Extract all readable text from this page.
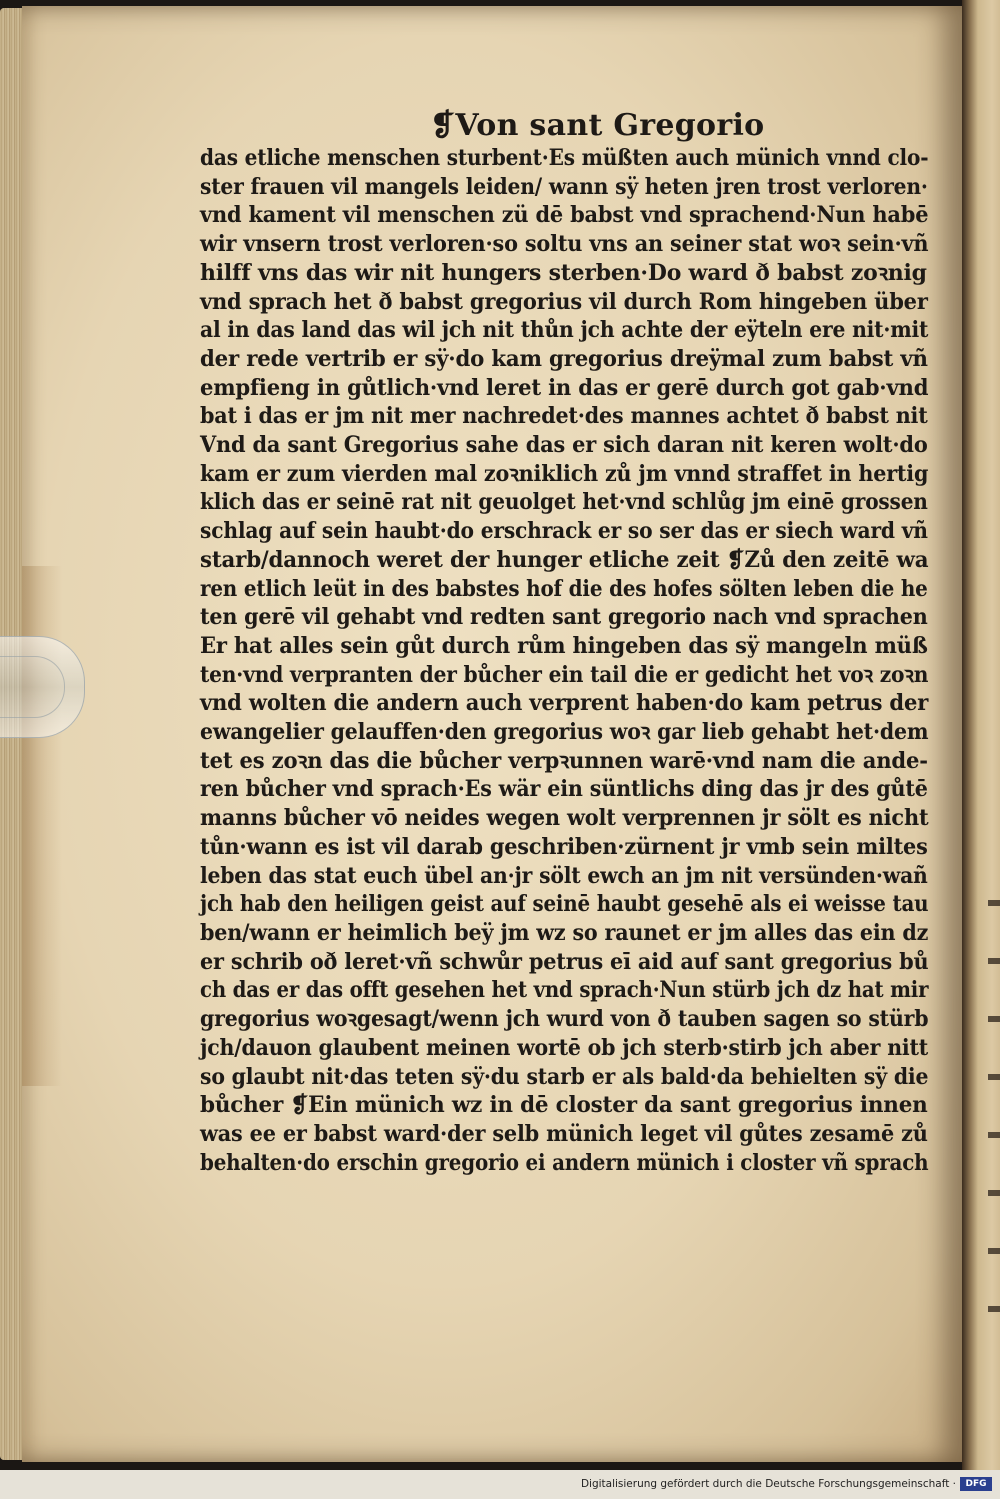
❡Von sant Gregorio
das etliche menschen sturbent·Es müßten auch münich vnnd clo-
ster frauen vil mangels leiden/ wann sÿ heten jren trost verloren·
vnd kament vil menschen zü dē babst vnd sprachend·Nun habē
wir vnsern trost verloren·so soltu vns an seiner stat woꝛ sein·vñ
hilff vns das wir nit hungers sterben·Do ward ð babst zoꝛnig
vnd sprach het ð babst gregorius vil durch Rom hingeben über
al in das land das wil jch nit thůn jch achte der eÿteln ere nit·mit
der rede vertrib er sÿ·do kam gregorius dreÿmal zum babst vñ
empfieng in gůtlich·vnd leret in das er gerē durch got gab·vnd
bat i das er jm nit mer nachredet·des mannes achtet ð babst nit
Vnd da sant Gregorius sahe das er sich daran nit keren wolt·do
kam er zum vierden mal zoꝛniklich zů jm vnnd straffet in hertig
klich das er seinē rat nit geuolget het·vnd schlůg jm einē grossen
schlag auf sein haubt·do erschrack er so ser das er siech ward vñ
starb/dannoch weret der hunger etliche zeit ❡Zů den zeitē wa
ren etlich leüt in des babstes hof die des hofes sölten leben die he
ten gerē vil gehabt vnd redten sant gregorio nach vnd sprachen
Er hat alles sein gůt durch rům hingeben das sÿ mangeln müß
ten·vnd verpranten der bůcher ein tail die er gedicht het voꝛ zoꝛn
vnd wolten die andern auch verprent haben·do kam petrus der
ewangelier gelauffen·den gregorius woꝛ gar lieb gehabt het·dem
tet es zoꝛn das die bůcher verpꝛunnen warē·vnd nam die ande-
ren bůcher vnd sprach·Es wär ein süntlichs ding das jr des gůtē
manns bůcher vō neides wegen wolt verprennen jr sölt es nicht
tůn·wann es ist vil darab geschriben·zürnent jr vmb sein miltes
leben das stat euch übel an·jr sölt ewch an jm nit versünden·wañ
jch hab den heiligen geist auf seinē haubt gesehē als ei weisse tau
ben/wann er heimlich beÿ jm wz so raunet er jm alles das ein dz
er schrib oð leret·vñ schwůr petrus eī aid auf sant gregorius bů
ch das er das offt gesehen het vnd sprach·Nun stürb jch dz hat mir
gregorius woꝛgesagt/wenn jch wurd von ð tauben sagen so stürb
jch/dauon glaubent meinen wortē ob jch sterb·stirb jch aber nitt
so glaubt nit·das teten sÿ·du starb er als bald·da behielten sÿ die
bůcher ❡Ein münich wz in dē closter da sant gregorius innen
was ee er babst ward·der selb münich leget vil gůtes zesamē zů
behalten·do erschin gregorio ei andern münich i closter vñ sprach
Digitalisierung gefördert durch die Deutsche Forschungsgemeinschaft ·	DFG
